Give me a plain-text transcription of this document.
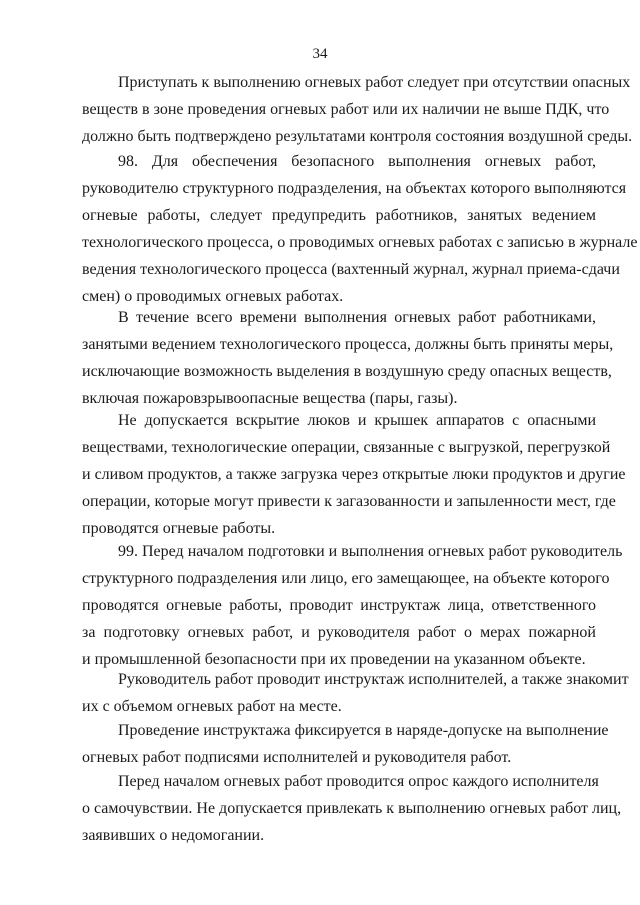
34
Приступать к выполнению огневых работ следует при отсутствии опасных
веществ в зоне проведения огневых работ или их наличии не выше ПДК, что
должно быть подтверждено результатами контроля состояния воздушной среды.
98. Для обеспечения безопасного выполнения огневых работ,
руководителю структурного подразделения, на объектах которого выполняются
огневые работы, следует предупредить работников, занятых ведением
технологического процесса, о проводимых огневых работах с записью в журнале
ведения технологического процесса (вахтенный журнал, журнал приема-сдачи
смен) о проводимых огневых работах.
В течение всего времени выполнения огневых работ работниками,
занятыми ведением технологического процесса, должны быть приняты меры,
исключающие возможность выделения в воздушную среду опасных веществ,
включая пожаровзрывоопасные вещества (пары, газы).
Не допускается вскрытие люков и крышек аппаратов с опасными
веществами, технологические операции, связанные с выгрузкой, перегрузкой
и сливом продуктов, а также загрузка через открытые люки продуктов и другие
операции, которые могут привести к загазованности и запыленности мест, где
проводятся огневые работы.
99. Перед началом подготовки и выполнения огневых работ руководитель
структурного подразделения или лицо, его замещающее, на объекте которого
проводятся огневые работы, проводит инструктаж лица, ответственного
за подготовку огневых работ, и руководителя работ о мерах пожарной
и промышленной безопасности при их проведении на указанном объекте.
Руководитель работ проводит инструктаж исполнителей, а также знакомит
их с объемом огневых работ на месте.
Проведение инструктажа фиксируется в наряде-допуске на выполнение
огневых работ подписями исполнителей и руководителя работ.
Перед началом огневых работ проводится опрос каждого исполнителя
о самочувствии. Не допускается привлекать к выполнению огневых работ лиц,
заявивших о недомогании.
